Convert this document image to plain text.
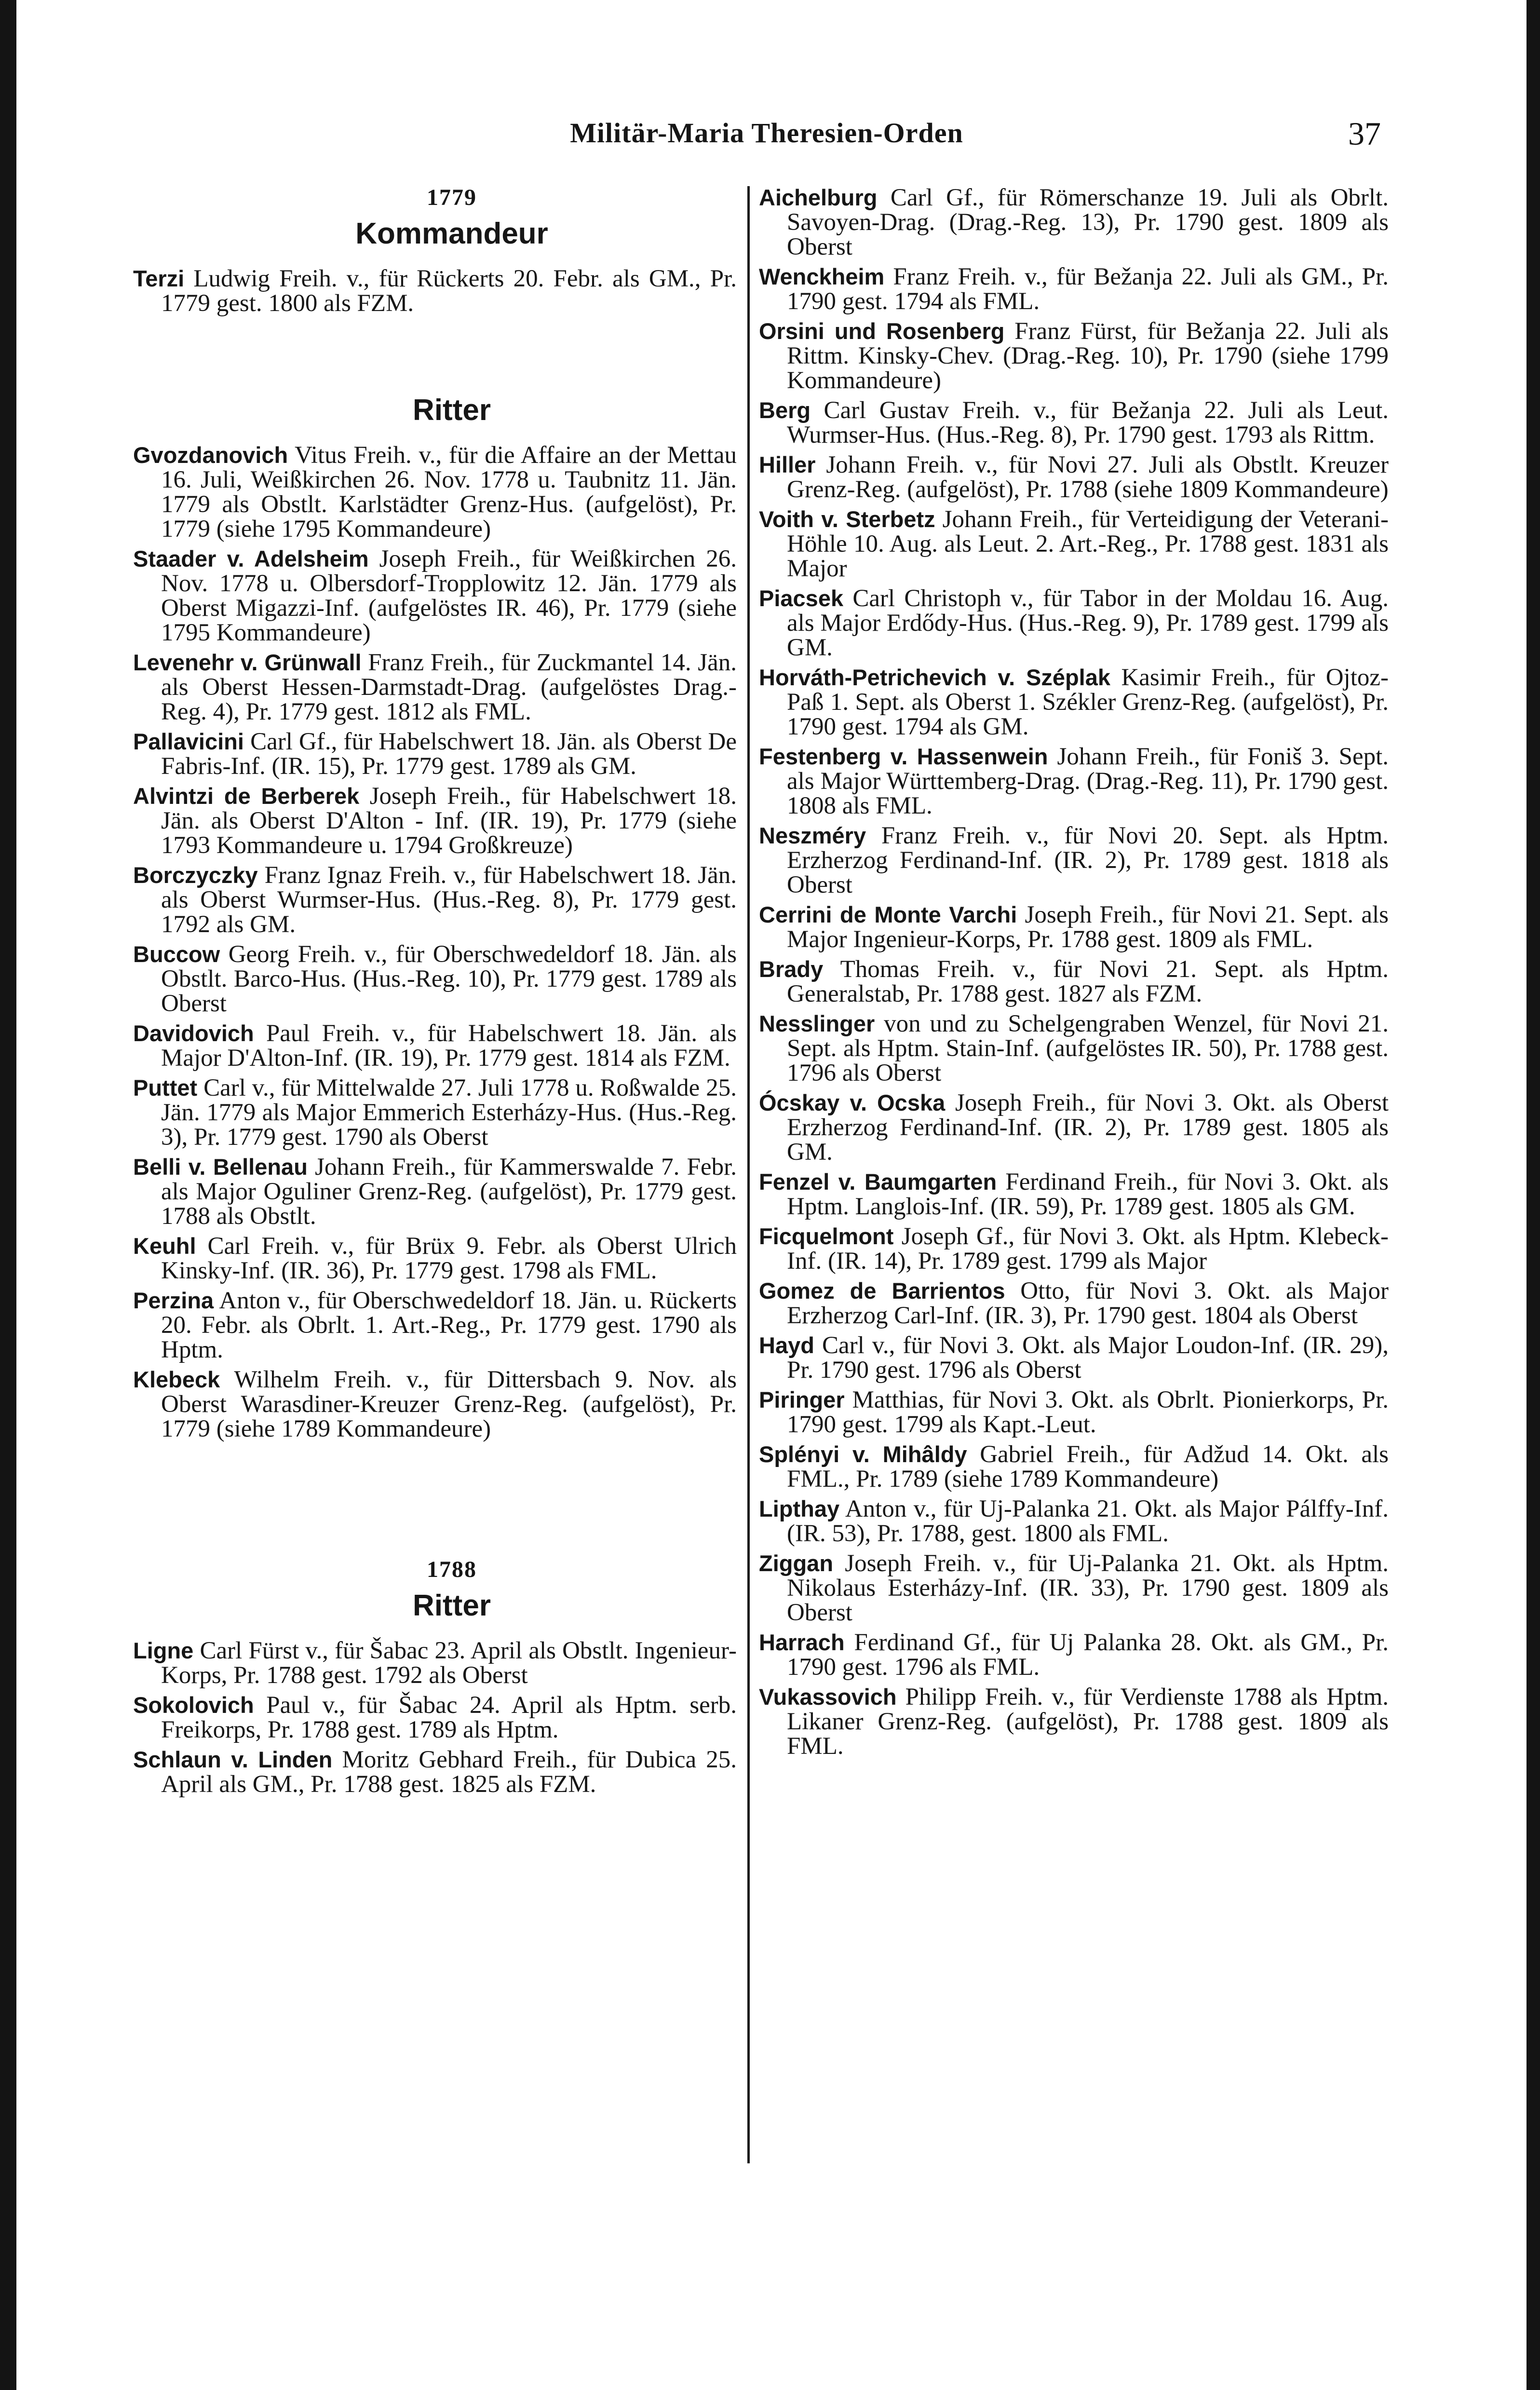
Militär-Maria Theresien-Orden	37
1779
Kommandeur

Terzi Ludwig Freih. v., für Rückerts 20. Febr. als GM., Pr. 1779 gest. 1800 als FZM.

Ritter

Gvozdanovich Vitus Freih. v., für die Affaire an der Mettau 16. Juli, Weißkirchen 26. Nov. 1778 u. Taubnitz 11. Jän. 1779 als Obstlt. Karlstädter Grenz-Hus. (aufgelöst), Pr. 1779 (siehe 1795 Kommandeure)

Staader v. Adelsheim Joseph Freih., für Weißkirchen 26. Nov. 1778 u. Olbersdorf-Tropplowitz 12. Jän. 1779 als Oberst Migazzi-Inf. (aufgelöstes IR. 46), Pr. 1779 (siehe 1795 Kommandeure)

Levenehr v. Grünwall Franz Freih., für Zuckmantel 14. Jän. als Oberst Hessen-Darmstadt-Drag. (aufgelöstes Drag.-Reg. 4), Pr. 1779 gest. 1812 als FML.

Pallavicini Carl Gf., für Habelschwert 18. Jän. als Oberst De Fabris-Inf. (IR. 15), Pr. 1779 gest. 1789 als GM.

Alvintzi de Berberek Joseph Freih., für Habelschwert 18. Jän. als Oberst D'Alton - Inf. (IR. 19), Pr. 1779 (siehe 1793 Kommandeure u. 1794 Großkreuze)

Borczyczky Franz Ignaz Freih. v., für Habelschwert 18. Jän. als Oberst Wurmser-Hus. (Hus.-Reg. 8), Pr. 1779 gest. 1792 als GM.

Buccow Georg Freih. v., für Oberschwedeldorf 18. Jän. als Obstlt. Barco-Hus. (Hus.-Reg. 10), Pr. 1779 gest. 1789 als Oberst

Davidovich Paul Freih. v., für Habelschwert 18. Jän. als Major D'Alton-Inf. (IR. 19), Pr. 1779 gest. 1814 als FZM.

Puttet Carl v., für Mittelwalde 27. Juli 1778 u. Roßwalde 25. Jän. 1779 als Major Emmerich Esterházy-Hus. (Hus.-Reg. 3), Pr. 1779 gest. 1790 als Oberst

Belli v. Bellenau Johann Freih., für Kammerswalde 7. Febr. als Major Oguliner Grenz-Reg. (aufgelöst), Pr. 1779 gest. 1788 als Obstlt.

Keuhl Carl Freih. v., für Brüx 9. Febr. als Oberst Ulrich Kinsky-Inf. (IR. 36), Pr. 1779 gest. 1798 als FML.

Perzina Anton v., für Oberschwedeldorf 18. Jän. u. Rückerts 20. Febr. als Obrlt. 1. Art.-Reg., Pr. 1779 gest. 1790 als Hptm.

Klebeck Wilhelm Freih. v., für Dittersbach 9. Nov. als Oberst Warasdiner-Kreuzer Grenz-Reg. (aufgelöst), Pr. 1779 (siehe 1789 Kommandeure)

1788
Ritter

Ligne Carl Fürst v., für Šabac 23. April als Obstlt. Ingenieur-Korps, Pr. 1788 gest. 1792 als Oberst

Sokolovich Paul v., für Šabac 24. April als Hptm. serb. Freikorps, Pr. 1788 gest. 1789 als Hptm.

Schlaun v. Linden Moritz Gebhard Freih., für Dubica 25. April als GM., Pr. 1788 gest. 1825 als FZM.

Aichelburg Carl Gf., für Römerschanze 19. Juli als Obrlt. Savoyen-Drag. (Drag.-Reg. 13), Pr. 1790 gest. 1809 als Oberst

Wenckheim Franz Freih. v., für Bežanja 22. Juli als GM., Pr. 1790 gest. 1794 als FML.

Orsini und Rosenberg Franz Fürst, für Bežanja 22. Juli als Rittm. Kinsky-Chev. (Drag.-Reg. 10), Pr. 1790 (siehe 1799 Kommandeure)

Berg Carl Gustav Freih. v., für Bežanja 22. Juli als Leut. Wurmser-Hus. (Hus.-Reg. 8), Pr. 1790 gest. 1793 als Rittm.

Hiller Johann Freih. v., für Novi 27. Juli als Obstlt. Kreuzer Grenz-Reg. (aufgelöst), Pr. 1788 (siehe 1809 Kommandeure)

Voith v. Sterbetz Johann Freih., für Verteidigung der Veterani-Höhle 10. Aug. als Leut. 2. Art.-Reg., Pr. 1788 gest. 1831 als Major

Piacsek Carl Christoph v., für Tabor in der Moldau 16. Aug. als Major Erdődy-Hus. (Hus.-Reg. 9), Pr. 1789 gest. 1799 als GM.

Horváth-Petrichevich v. Széplak Kasimir Freih., für Ojtoz-Paß 1. Sept. als Oberst 1. Székler Grenz-Reg. (aufgelöst), Pr. 1790 gest. 1794 als GM.

Festenberg v. Hassenwein Johann Freih., für Foniš 3. Sept. als Major Württemberg-Drag. (Drag.-Reg. 11), Pr. 1790 gest. 1808 als FML.

Neszméry Franz Freih. v., für Novi 20. Sept. als Hptm. Erzherzog Ferdinand-Inf. (IR. 2), Pr. 1789 gest. 1818 als Oberst

Cerrini de Monte Varchi Joseph Freih., für Novi 21. Sept. als Major Ingenieur-Korps, Pr. 1788 gest. 1809 als FML.

Brady Thomas Freih. v., für Novi 21. Sept. als Hptm. Generalstab, Pr. 1788 gest. 1827 als FZM.

Nesslinger von und zu Schelgengraben Wenzel, für Novi 21. Sept. als Hptm. Stain-Inf. (aufgelöstes IR. 50), Pr. 1788 gest. 1796 als Oberst

Ócskay v. Ocska Joseph Freih., für Novi 3. Okt. als Oberst Erzherzog Ferdinand-Inf. (IR. 2), Pr. 1789 gest. 1805 als GM.

Fenzel v. Baumgarten Ferdinand Freih., für Novi 3. Okt. als Hptm. Langlois-Inf. (IR. 59), Pr. 1789 gest. 1805 als GM.

Ficquelmont Joseph Gf., für Novi 3. Okt. als Hptm. Klebeck-Inf. (IR. 14), Pr. 1789 gest. 1799 als Major

Gomez de Barrientos Otto, für Novi 3. Okt. als Major Erzherzog Carl-Inf. (IR. 3), Pr. 1790 gest. 1804 als Oberst

Hayd Carl v., für Novi 3. Okt. als Major Loudon-Inf. (IR. 29), Pr. 1790 gest. 1796 als Oberst

Piringer Matthias, für Novi 3. Okt. als Obrlt. Pionierkorps, Pr. 1790 gest. 1799 als Kapt.-Leut.

Splényi v. Mihâldy Gabriel Freih., für Adžud 14. Okt. als FML., Pr. 1789 (siehe 1789 Kommandeure)

Lipthay Anton v., für Uj-Palanka 21. Okt. als Major Pálffy-Inf. (IR. 53), Pr. 1788, gest. 1800 als FML.

Ziggan Joseph Freih. v., für Uj-Palanka 21. Okt. als Hptm. Nikolaus Esterházy-Inf. (IR. 33), Pr. 1790 gest. 1809 als Oberst

Harrach Ferdinand Gf., für Uj Palanka 28. Okt. als GM., Pr. 1790 gest. 1796 als FML.

Vukassovich Philipp Freih. v., für Verdienste 1788 als Hptm. Likaner Grenz-Reg. (aufgelöst), Pr. 1788 gest. 1809 als FML.
